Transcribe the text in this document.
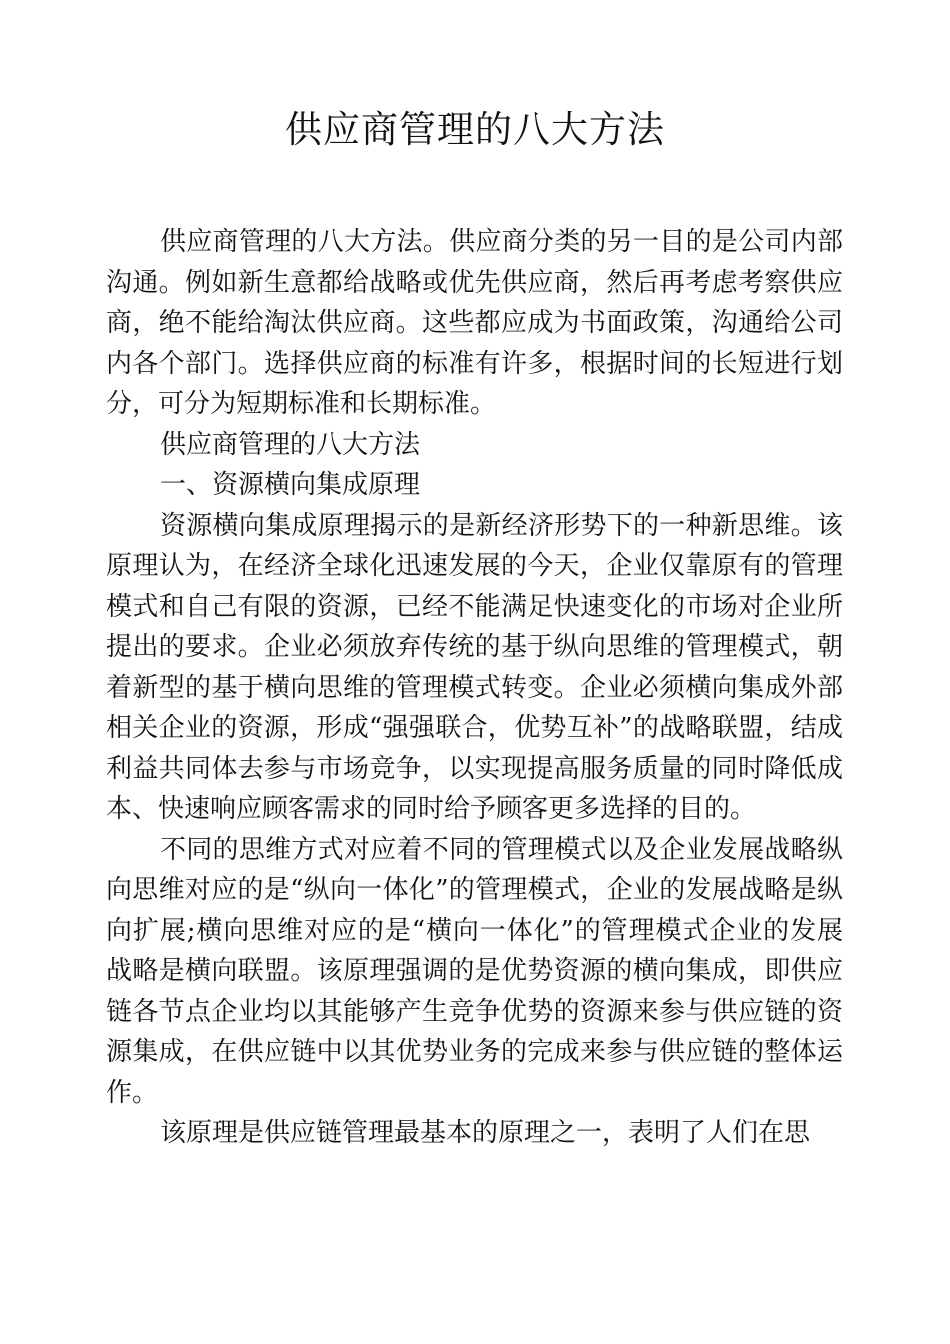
供应商管理的八大方法

供应商管理的八大方法。供应商分类的另一目的是公司内部沟通。例如新生意都给战略或优先供应商，然后再考虑考察供应商，绝不能给淘汰供应商。这些都应成为书面政策，沟通给公司内各个部门。选择供应商的标准有许多，根据时间的长短进行划分，可分为短期标准和长期标准。

供应商管理的八大方法

一、资源横向集成原理

资源横向集成原理揭示的是新经济形势下的一种新思维。该原理认为，在经济全球化迅速发展的今天，企业仅靠原有的管理模式和自己有限的资源，已经不能满足快速变化的市场对企业所提出的要求。企业必须放弃传统的基于纵向思维的管理模式，朝着新型的基于横向思维的管理模式转变。企业必须横向集成外部相关企业的资源，形成“强强联合，优势互补”的战略联盟，结成利益共同体去参与市场竞争，以实现提高服务质量的同时降低成本、快速响应顾客需求的同时给予顾客更多选择的目的。

不同的思维方式对应着不同的管理模式以及企业发展战略纵向思维对应的是“纵向一体化”的管理模式，企业的发展战略是纵向扩展;横向思维对应的是“横向一体化”的管理模式企业的发展战略是横向联盟。该原理强调的是优势资源的横向集成，即供应链各节点企业均以其能够产生竞争优势的资源来参与供应链的资源集成，在供应链中以其优势业务的完成来参与供应链的整体运作。

该原理是供应链管理最基本的原理之一，表明了人们在思
